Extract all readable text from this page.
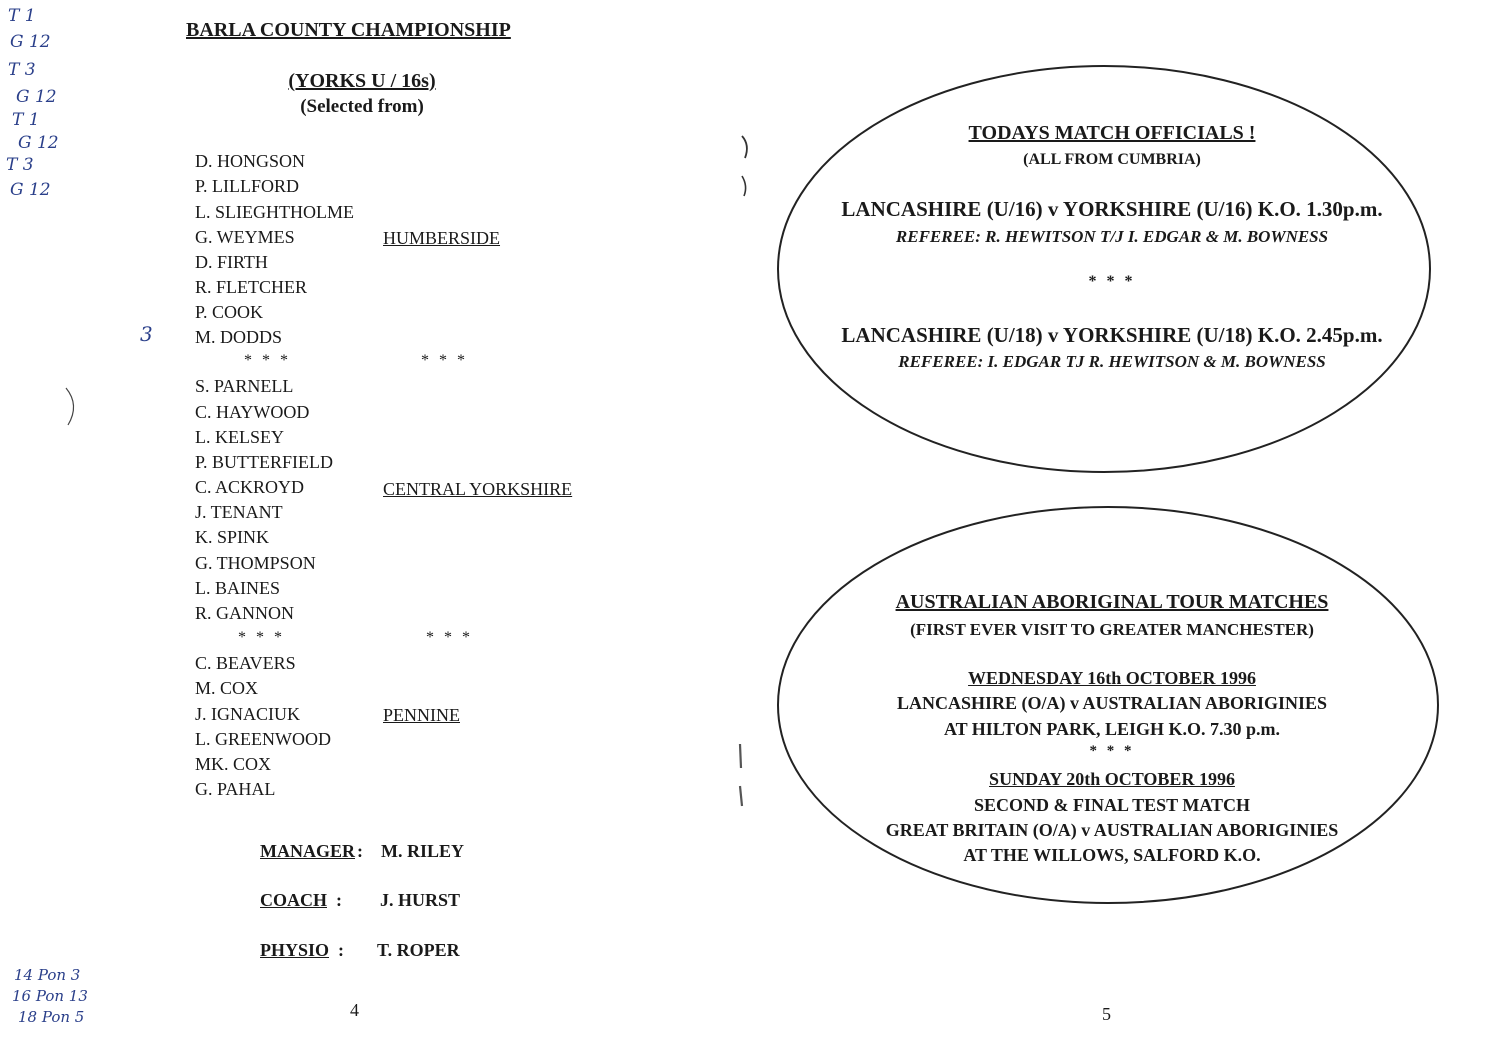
T 1
G 12
T 3
G 12
T 1
G 12
T 3
G 12
3
14 Pon 3
16 Pon 13
18 Pon 5
BARLA COUNTY CHAMPIONSHIP
(YORKS U / 16s)
(Selected from)
D. HONGSON
P. LILLFORD
L. SLIEGHTHOLME
G. WEYMES
D. FIRTH
R. FLETCHER
P. COOK
M. DODDS
HUMBERSIDE
* * *	* * *
S. PARNELL
C. HAYWOOD
L. KELSEY
P. BUTTERFIELD
C. ACKROYD
J. TENANT
K. SPINK
G. THOMPSON
L. BAINES
R. GANNON
CENTRAL YORKSHIRE
* * *	* * *
C. BEAVERS
M. COX
J. IGNACIUK
L. GREENWOOD
MK. COX
G. PAHAL
PENNINE
MANAGER : M. RILEY
COACH : J. HURST
PHYSIO : T. ROPER
4
TODAYS MATCH OFFICIALS !
(ALL FROM CUMBRIA)
LANCASHIRE (U/16) v YORKSHIRE (U/16) K.O. 1.30p.m.
REFEREE: R. HEWITSON T/J I. EDGAR & M. BOWNESS
* * *
LANCASHIRE (U/18) v YORKSHIRE (U/18) K.O. 2.45p.m.
REFEREE: I. EDGAR TJ R. HEWITSON & M. BOWNESS
AUSTRALIAN ABORIGINAL TOUR MATCHES
(FIRST EVER VISIT TO GREATER MANCHESTER)
WEDNESDAY 16th OCTOBER 1996
LANCASHIRE (O/A) v AUSTRALIAN ABORIGINIES
AT HILTON PARK, LEIGH K.O. 7.30 p.m.
* * *
SUNDAY 20th OCTOBER 1996
SECOND & FINAL TEST MATCH
GREAT BRITAIN (O/A) v AUSTRALIAN ABORIGINIES
AT THE WILLOWS, SALFORD K.O.
5
